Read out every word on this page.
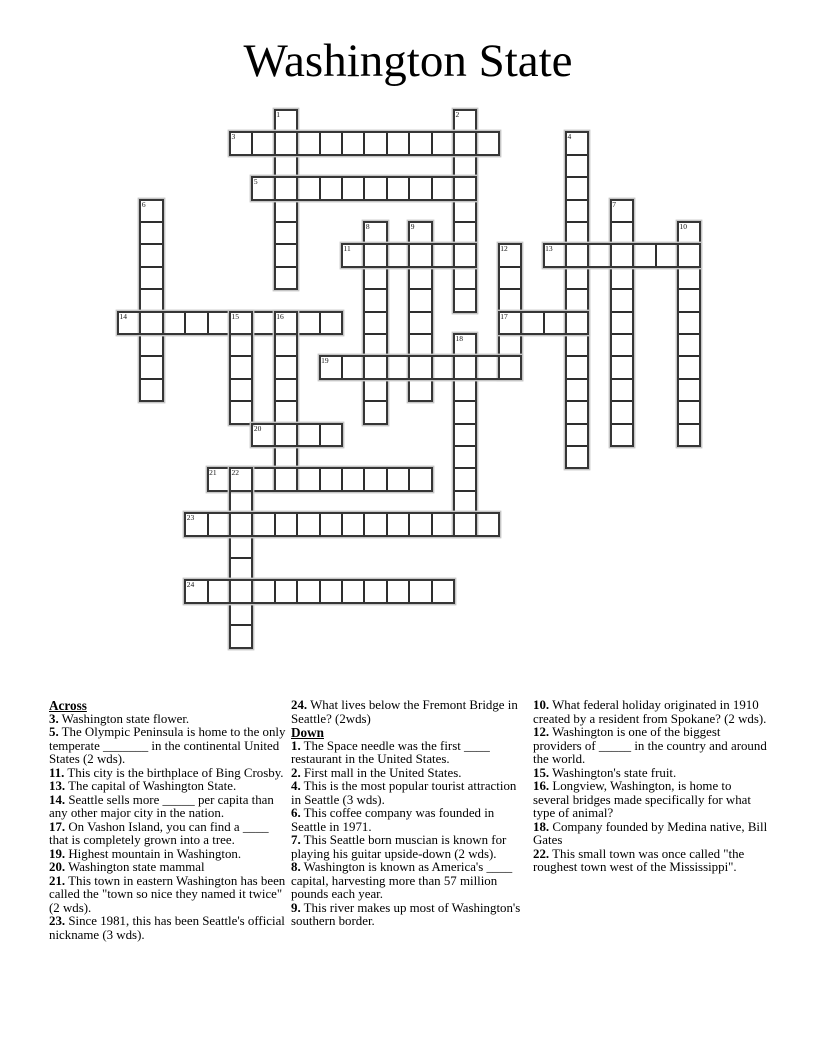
Washington State
1	2
3	4
5
6	7
8	9	10
11	12	13
14	15	16	17
18
19
20
21 22
23
24
Across
3. Washington state flower.
5. The Olympic Peninsula is home to the only temperate _______ in the continental United States (2 wds).
11. This city is the birthplace of Bing Crosby.
13. The capital of Washington State.
14. Seattle sells more _____ per capita than any other major city in the nation.
17. On Vashon Island, you can find a ____ that is completely grown into a tree.
19. Highest mountain in Washington.
20. Washington state mammal
21. This town in eastern Washington has been called the "town so nice they named it twice" (2 wds).
23. Since 1981, this has been Seattle's official nickname (3 wds).
24. What lives below the Fremont Bridge in Seattle? (2wds)
Down
1. The Space needle was the first ____ restaurant in the United States.
2. First mall in the United States.
4. This is the most popular tourist attraction in Seattle (3 wds).
6. This coffee company was founded in Seattle in 1971.
7. This Seattle born muscian is known for playing his guitar upside-down (2 wds).
8. Washington is known as America's ____ capital, harvesting more than 57 million pounds each year.
9. This river makes up most of Washington's southern border.
10. What federal holiday originated in 1910 created by a resident from Spokane? (2 wds).
12. Washington is one of the biggest providers of _____ in the country and around the world.
15. Washington's state fruit.
16. Longview, Washington, is home to several bridges made specifically for what type of animal?
18. Company founded by Medina native, Bill Gates
22. This small town was once called "the roughest town west of the Mississippi".
